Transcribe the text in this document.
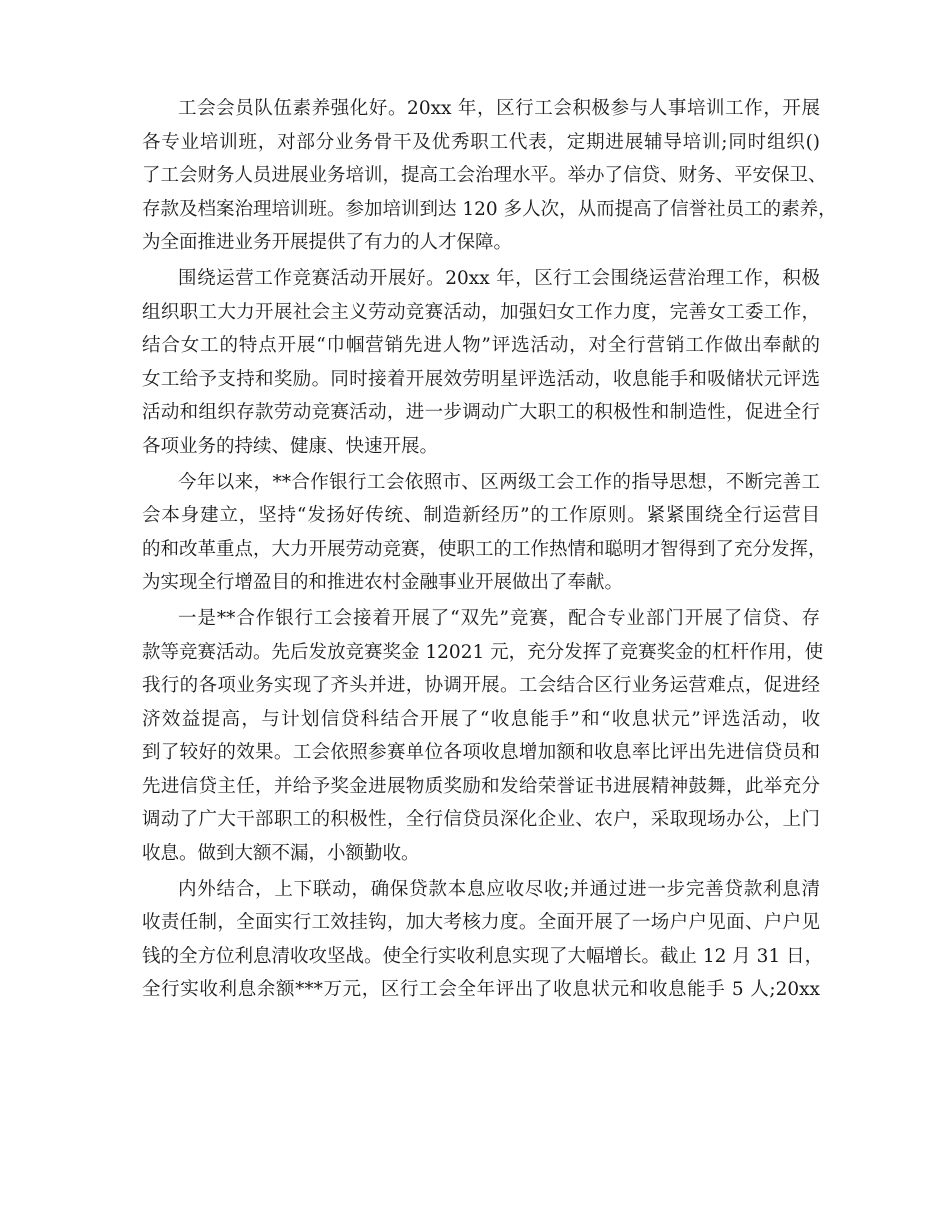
工会会员队伍素养强化好。20xx 年，区行工会积极参与人事培训工作，开展
各专业培训班，对部分业务骨干及优秀职工代表，定期进展辅导培训;同时组织()
了工会财务人员进展业务培训，提高工会治理水平。举办了信贷、财务、平安保卫、
存款及档案治理培训班。参加培训到达 120 多人次，从而提高了信誉社员工的素养，
为全面推进业务开展提供了有力的人才保障。
围绕运营工作竞赛活动开展好。20xx 年，区行工会围绕运营治理工作，积极
组织职工大力开展社会主义劳动竞赛活动，加强妇女工作力度，完善女工委工作，
结合女工的特点开展“巾帼营销先进人物”评选活动，对全行营销工作做出奉献的
女工给予支持和奖励。同时接着开展效劳明星评选活动，收息能手和吸储状元评选
活动和组织存款劳动竞赛活动，进一步调动广大职工的积极性和制造性，促进全行
各项业务的持续、健康、快速开展。
今年以来，**合作银行工会依照市、区两级工会工作的指导思想，不断完善工
会本身建立，坚持“发扬好传统、制造新经历”的工作原则。紧紧围绕全行运营目
的和改革重点，大力开展劳动竞赛，使职工的工作热情和聪明才智得到了充分发挥，
为实现全行增盈目的和推进农村金融事业开展做出了奉献。
一是**合作银行工会接着开展了“双先”竞赛，配合专业部门开展了信贷、存
款等竞赛活动。先后发放竞赛奖金 12021 元，充分发挥了竞赛奖金的杠杆作用，使
我行的各项业务实现了齐头并进，协调开展。工会结合区行业务运营难点，促进经
济效益提高，与计划信贷科结合开展了“收息能手”和“收息状元”评选活动，收
到了较好的效果。工会依照参赛单位各项收息增加额和收息率比评出先进信贷员和
先进信贷主任，并给予奖金进展物质奖励和发给荣誉证书进展精神鼓舞，此举充分
调动了广大干部职工的积极性，全行信贷员深化企业、农户，采取现场办公，上门
收息。做到大额不漏，小额勤收。
内外结合，上下联动，确保贷款本息应收尽收;并通过进一步完善贷款利息清
收责任制，全面实行工效挂钩，加大考核力度。全面开展了一场户户见面、户户见
钱的全方位利息清收攻坚战。使全行实收利息实现了大幅增长。截止 12 月 31 日，
全行实收利息余额***万元，区行工会全年评出了收息状元和收息能手 5 人;20xx
